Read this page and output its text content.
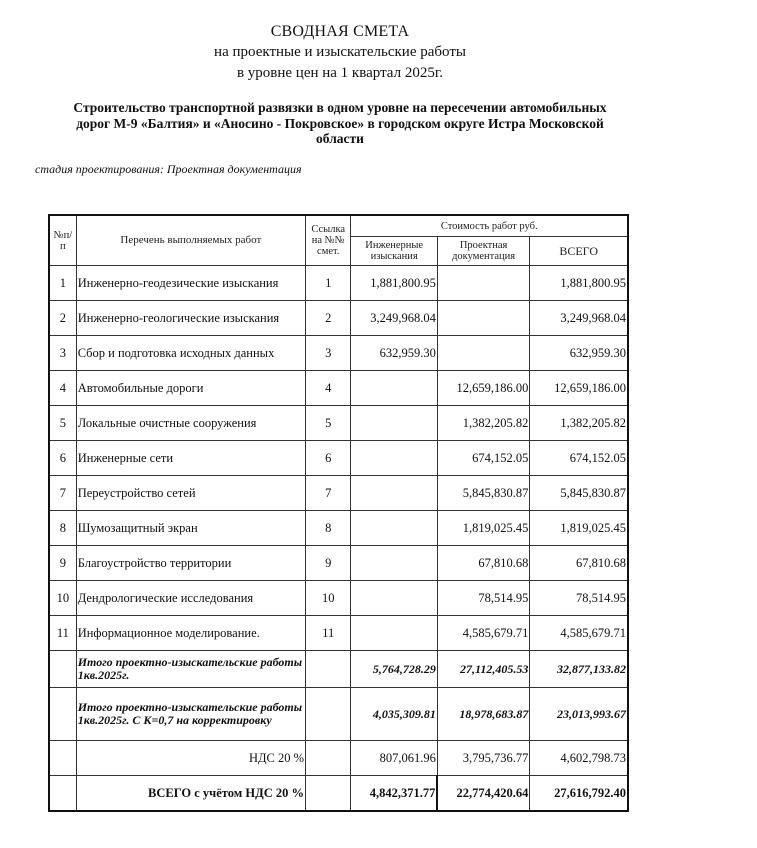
СВОДНАЯ СМЕТА
на проектные и изыскательские работы
в уровне цен на 1 квартал 2025г.
Строительство транспортной развязки в одном уровне на пересечении автомобильных дорог М-9 «Балтия» и «Аносино - Покровское» в городском округе Истра Московской области
стадия проектирования: Проектная документация
№п/п	Перечень выполняемых работ	Ссылка на №№ смет.	Стоимость работ руб.		
			Инженерные изыскания	Проектная документация	ВСЕГО
1	Инженерно-геодезические изыскания	1	1,881,800.95		1,881,800.95
2	Инженерно-геологические изыскания	2	3,249,968.04		3,249,968.04
3	Сбор и подготовка исходных данных	3	632,959.30		632,959.30
4	Автомобильные дороги	4		12,659,186.00	12,659,186.00
5	Локальные очистные сооружения	5		1,382,205.82	1,382,205.82
6	Инженерные сети	6		674,152.05	674,152.05
7	Переустройство сетей	7		5,845,830.87	5,845,830.87
8	Шумозащитный экран	8		1,819,025.45	1,819,025.45
9	Благоустройство территории	9		67,810.68	67,810.68
10	Дендрологические исследования	10		78,514.95	78,514.95
11	Информационное моделирование.	11		4,585,679.71	4,585,679.71
	Итого проектно-изыскательские работы 1кв.2025г.		5,764,728.29	27,112,405.53	32,877,133.82
	Итого проектно-изыскательские работы 1кв.2025г. С К=0,7 на корректировку		4,035,309.81	18,978,683.87	23,013,993.67
	НДС 20 %		807,061.96	3,795,736.77	4,602,798.73
	ВСЕГО с учётом НДС 20 %		4,842,371.77	22,774,420.64	27,616,792.40
